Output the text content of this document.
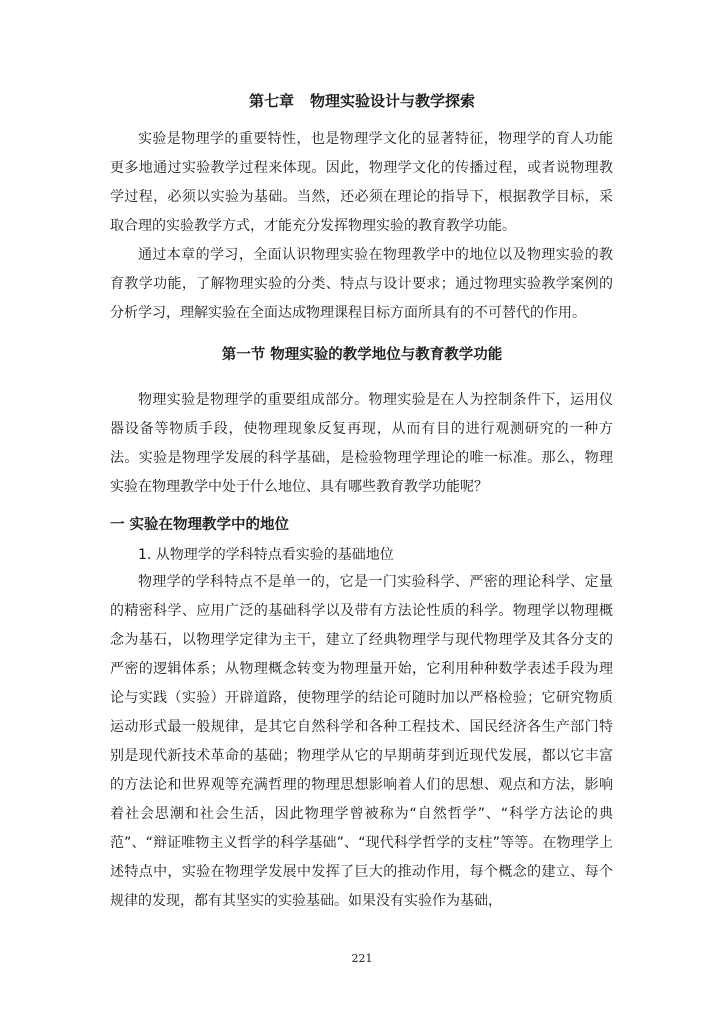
第七章 物理实验设计与教学探索

实验是物理学的重要特性，也是物理学文化的显著特征，物理学的育人功能更多地通过实验教学过程来体现。因此，物理学文化的传播过程，或者说物理教学过程，必须以实验为基础。当然，还必须在理论的指导下，根据教学目标，采取合理的实验教学方式，才能充分发挥物理实验的教育教学功能。

通过本章的学习，全面认识物理实验在物理教学中的地位以及物理实验的教育教学功能，了解物理实验的分类、特点与设计要求；通过物理实验教学案例的分析学习，理解实验在全面达成物理课程目标方面所具有的不可替代的作用。

第一节 物理实验的教学地位与教育教学功能

物理实验是物理学的重要组成部分。物理实验是在人为控制条件下，运用仪器设备等物质手段，使物理现象反复再现，从而有目的进行观测研究的一种方法。实验是物理学发展的科学基础，是检验物理学理论的唯一标准。那么，物理实验在物理教学中处于什么地位、具有哪些教育教学功能呢？

一 实验在物理教学中的地位
1. 从物理学的学科特点看实验的基础地位

物理学的学科特点不是单一的，它是一门实验科学、严密的理论科学、定量的精密科学、应用广泛的基础科学以及带有方法论性质的科学。物理学以物理概念为基石，以物理学定律为主干，建立了经典物理学与现代物理学及其各分支的严密的逻辑体系；从物理概念转变为物理量开始，它利用种种数学表述手段为理论与实践（实验）开辟道路，使物理学的结论可随时加以严格检验；它研究物质运动形式最一般规律，是其它自然科学和各种工程技术、国民经济各生产部门特别是现代新技术革命的基础；物理学从它的早期萌芽到近现代发展，都以它丰富的方法论和世界观等充满哲理的物理思想影响着人们的思想、观点和方法，影响着社会思潮和社会生活，因此物理学曾被称为“自然哲学”、“科学方法论的典范”、“辩证唯物主义哲学的科学基础”、“现代科学哲学的支柱”等等。在物理学上述特点中，实验在物理学发展中发挥了巨大的推动作用，每个概念的建立、每个规律的发现，都有其坚实的实验基础。如果没有实验作为基础，

221
